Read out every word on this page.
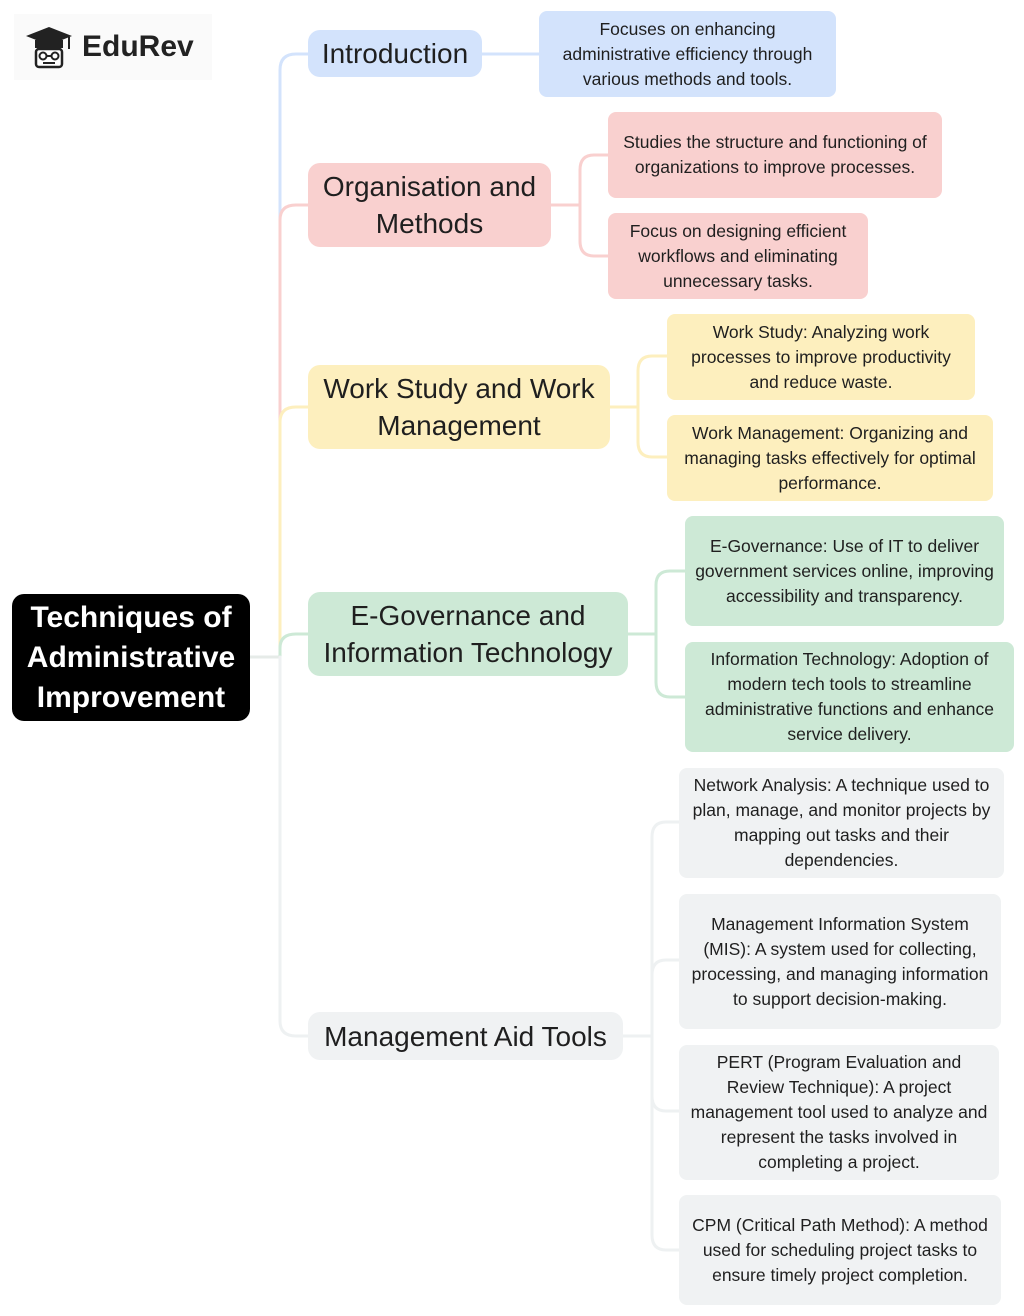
EduRev
Techniques of Administrative Improvement
Introduction
Focuses on enhancing administrative efficiency through various methods and tools.
Organisation and Methods
Studies the structure and functioning of organizations to improve processes.
Focus on designing efficient workflows and eliminating unnecessary tasks.
Work Study and Work Management
Work Study: Analyzing work processes to improve productivity and reduce waste.
Work Management: Organizing and managing tasks effectively for optimal performance.
E-Governance and Information Technology
E-Governance: Use of IT to deliver government services online, improving accessibility and transparency.
Information Technology: Adoption of modern tech tools to streamline administrative functions and enhance service delivery.
Management Aid Tools
Network Analysis: A technique used to plan, manage, and monitor projects by mapping out tasks and their dependencies.
Management Information System (MIS): A system used for collecting, processing, and managing information to support decision-making.
PERT (Program Evaluation and Review Technique): A project management tool used to analyze and represent the tasks involved in completing a project.
CPM (Critical Path Method): A method used for scheduling project tasks to ensure timely project completion.
